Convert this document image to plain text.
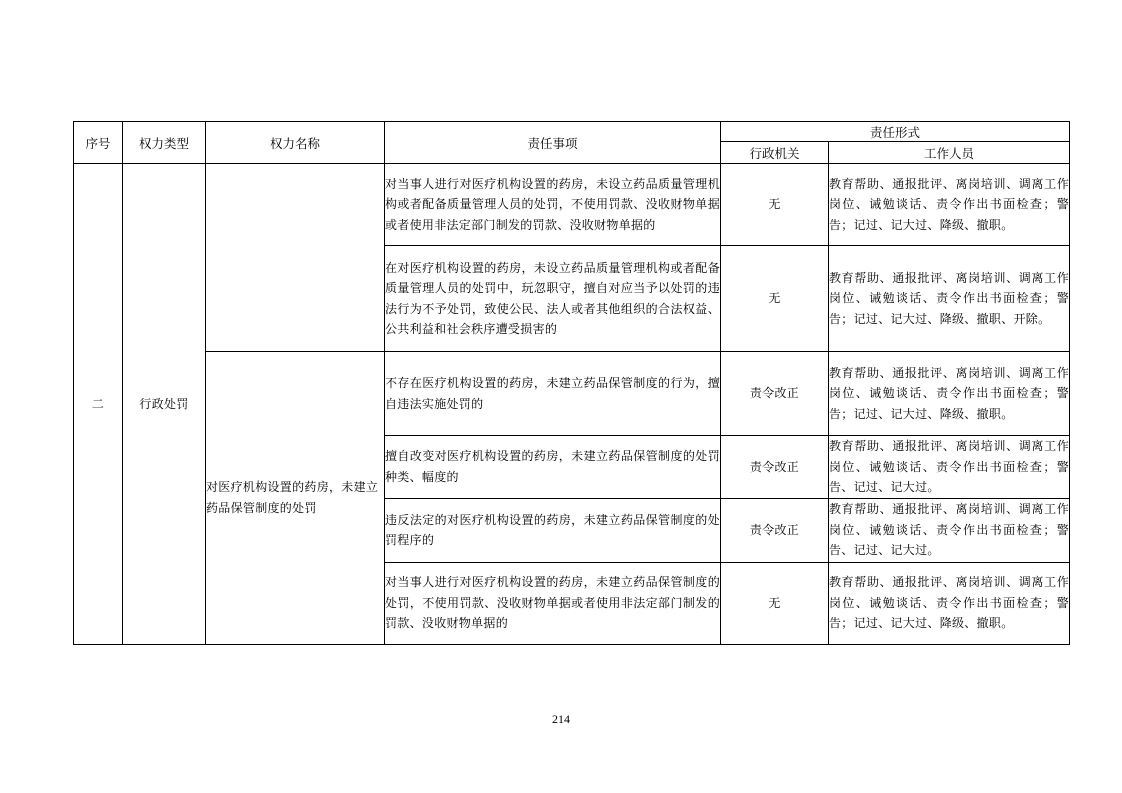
序号	权力类型	权力名称	责任事项	责任形式	
				行政机关	工作人员
二	行政处罚		对当事人进行对医疗机构设置的药房，未设立药品质量管理机构或者配备质量管理人员的处罚，不使用罚款、没收财物单据或者使用非法定部门制发的罚款、没收财物单据的	无	教育帮助、通报批评、离岗培训、调离工作岗位、诫勉谈话、责令作出书面检查；警告；记过、记大过、降级、撤职。
			在对医疗机构设置的药房，未设立药品质量管理机构或者配备质量管理人员的处罚中，玩忽职守，擅自对应当予以处罚的违法行为不予处罚，致使公民、法人或者其他组织的合法权益、公共利益和社会秩序遭受损害的	无	教育帮助、通报批评、离岗培训、调离工作岗位、诫勉谈话、责令作出书面检查；警告；记过、记大过、降级、撤职、开除。
		对医疗机构设置的药房，未建立药品保管制度的处罚	不存在医疗机构设置的药房，未建立药品保管制度的行为，擅自违法实施处罚的	责令改正	教育帮助、通报批评、离岗培训、调离工作岗位、诫勉谈话、责令作出书面检查；警告；记过、记大过、降级、撤职。
			擅自改变对医疗机构设置的药房，未建立药品保管制度的处罚种类、幅度的	责令改正	教育帮助、通报批评、离岗培训、调离工作岗位、诫勉谈话、责令作出书面检查；警告、记过、记大过。
			违反法定的对医疗机构设置的药房，未建立药品保管制度的处罚程序的	责令改正	教育帮助、通报批评、离岗培训、调离工作岗位、诫勉谈话、责令作出书面检查；警告、记过、记大过。
			对当事人进行对医疗机构设置的药房，未建立药品保管制度的处罚，不使用罚款、没收财物单据或者使用非法定部门制发的罚款、没收财物单据的	无	教育帮助、通报批评、离岗培训、调离工作岗位、诫勉谈话、责令作出书面检查；警告；记过、记大过、降级、撤职。
214
